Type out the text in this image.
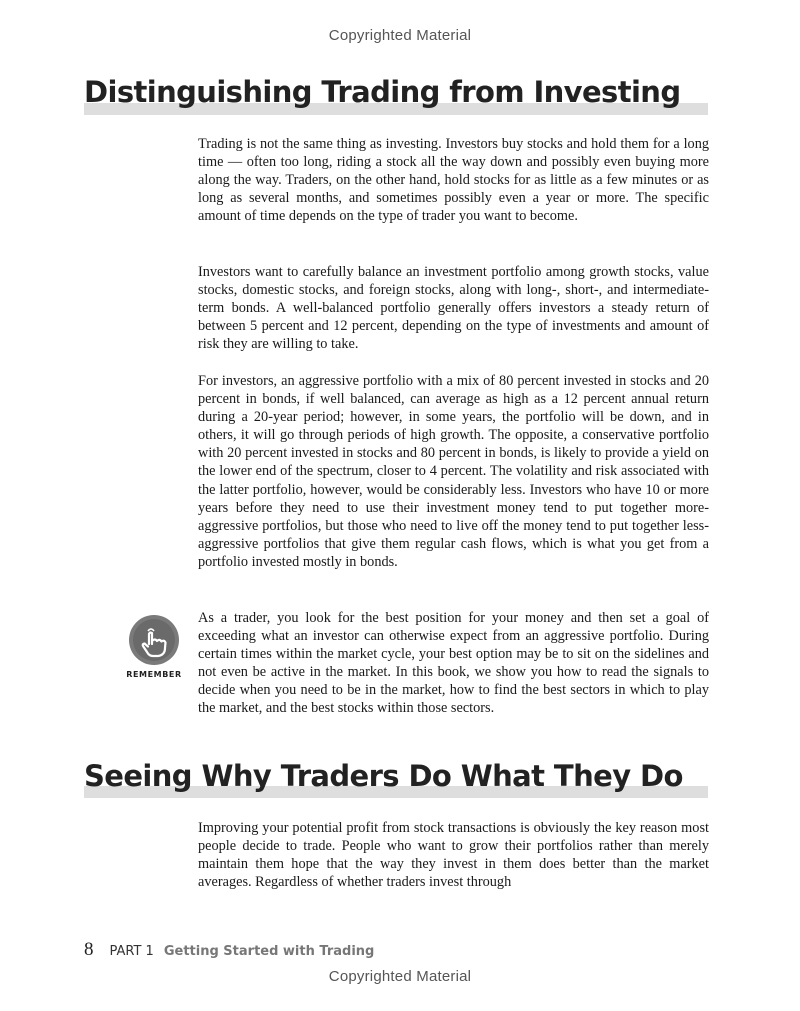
Copyrighted Material
Distinguishing Trading from Investing

Trading is not the same thing as investing. Investors buy stocks and hold them for a long time — often too long, riding a stock all the way down and possibly even buying more along the way. Traders, on the other hand, hold stocks for as little as a few minutes or as long as several months, and sometimes possibly even a year or more. The specific amount of time depends on the type of trader you want to become.

Investors want to carefully balance an investment portfolio among growth stocks, value stocks, domestic stocks, and foreign stocks, along with long-, short-, and intermediate-term bonds. A well-balanced portfolio generally offers investors a steady return of between 5 percent and 12 percent, depending on the type of investments and amount of risk they are willing to take.

For investors, an aggressive portfolio with a mix of 80 percent invested in stocks and 20 percent in bonds, if well balanced, can average as high as a 12 percent annual return during a 20-year period; however, in some years, the portfolio will be down, and in others, it will go through periods of high growth. The opposite, a conservative portfolio with 20 percent invested in stocks and 80 percent in bonds, is likely to provide a yield on the lower end of the spectrum, closer to 4 percent. The volatility and risk associated with the latter portfolio, however, would be considerably less. Investors who have 10 or more years before they need to use their investment money tend to put together more-aggressive portfolios, but those who need to live off the money tend to put together less-aggressive portfolios that give them regular cash flows, which is what you get from a portfolio invested mostly in bonds.

REMEMBER

As a trader, you look for the best position for your money and then set a goal of exceeding what an investor can otherwise expect from an aggressive portfolio. During certain times within the market cycle, your best option may be to sit on the sidelines and not even be active in the market. In this book, we show you how to read the signals to decide when you need to be in the market, how to find the best sectors in which to play the market, and the best stocks within those sectors.

Seeing Why Traders Do What They Do

Improving your potential profit from stock transactions is obviously the key reason most people decide to trade. People who want to grow their portfolios rather than merely maintain them hope that the way they invest in them does better than the market averages. Regardless of whether traders invest through

8 PART 1 Getting Started with Trading
Copyrighted Material
